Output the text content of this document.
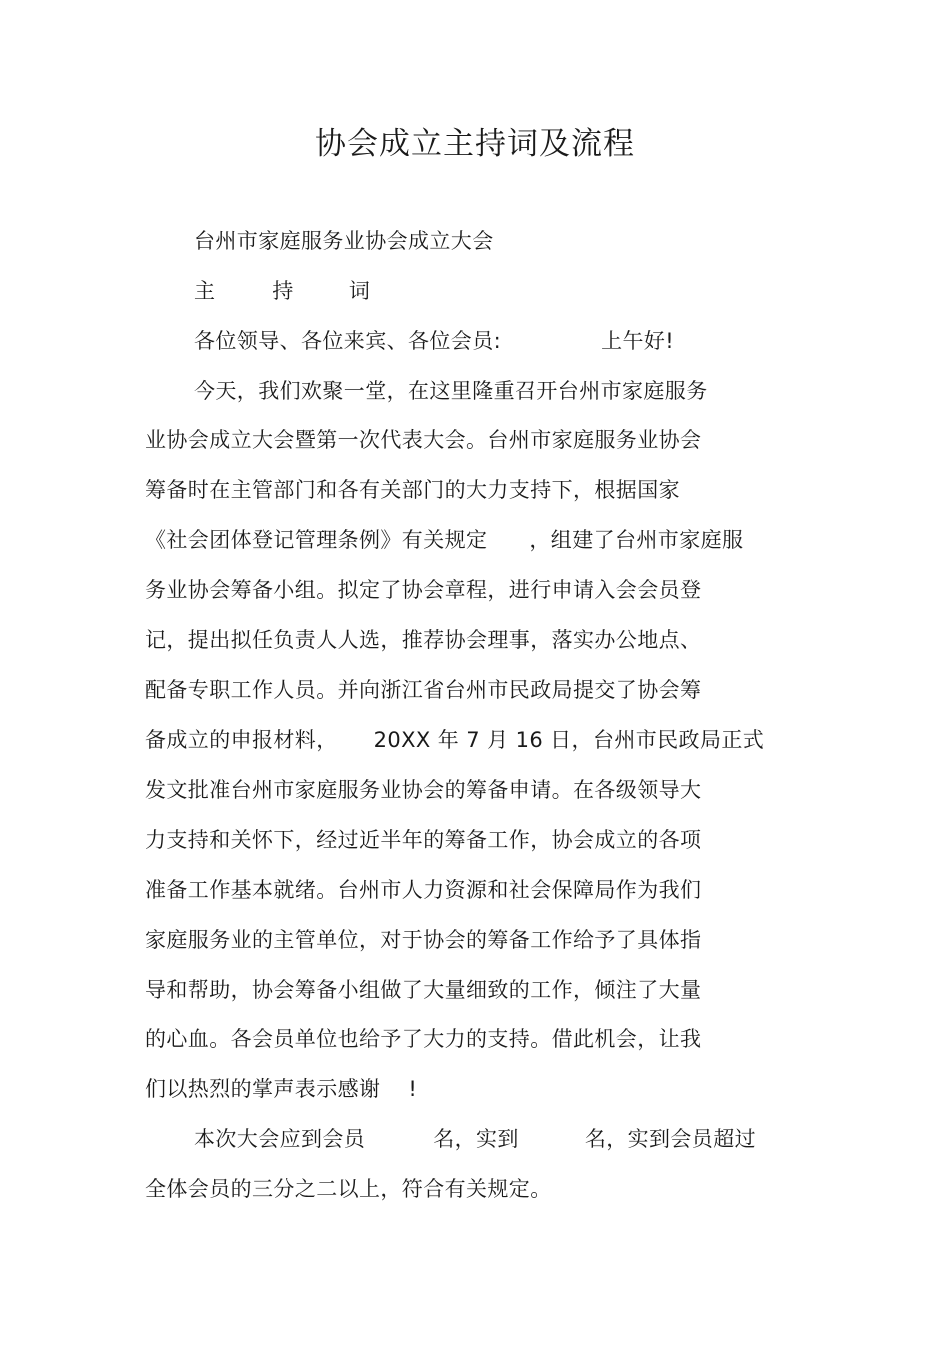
协会成立主持词及流程
台州市家庭服务业协会成立大会
主	持	词
各位领导、各位来宾、各位会员:	上午好!
今天，我们欢聚一堂，在这里隆重召开台州市家庭服务
业协会成立大会暨第一次代表大会。台州市家庭服务业协会
筹备时在主管部门和各有关部门的大力支持下，根据国家
《社会团体登记管理条例》有关规定 ，组建了台州市家庭服
务业协会筹备小组。拟定了协会章程，进行申请入会会员登
记，提出拟任负责人人选，推荐协会理事，落实办公地点、
配备专职工作人员。并向浙江省台州市民政局提交了协会筹
备成立的申报材料， 20XX 年 7 月 16 日，台州市民政局正式
发文批准台州市家庭服务业协会的筹备申请。在各级领导大
力支持和关怀下，经过近半年的筹备工作，协会成立的各项
准备工作基本就绪。台州市人力资源和社会保障局作为我们
家庭服务业的主管单位，对于协会的筹备工作给予了具体指
导和帮助，协会筹备小组做了大量细致的工作，倾注了大量
的心血。各会员单位也给予了大力的支持。借此机会，让我
们以热烈的掌声表示感谢 !
本次大会应到会员	名，实到	名，实到会员超过
全体会员的三分之二以上，符合有关规定。
